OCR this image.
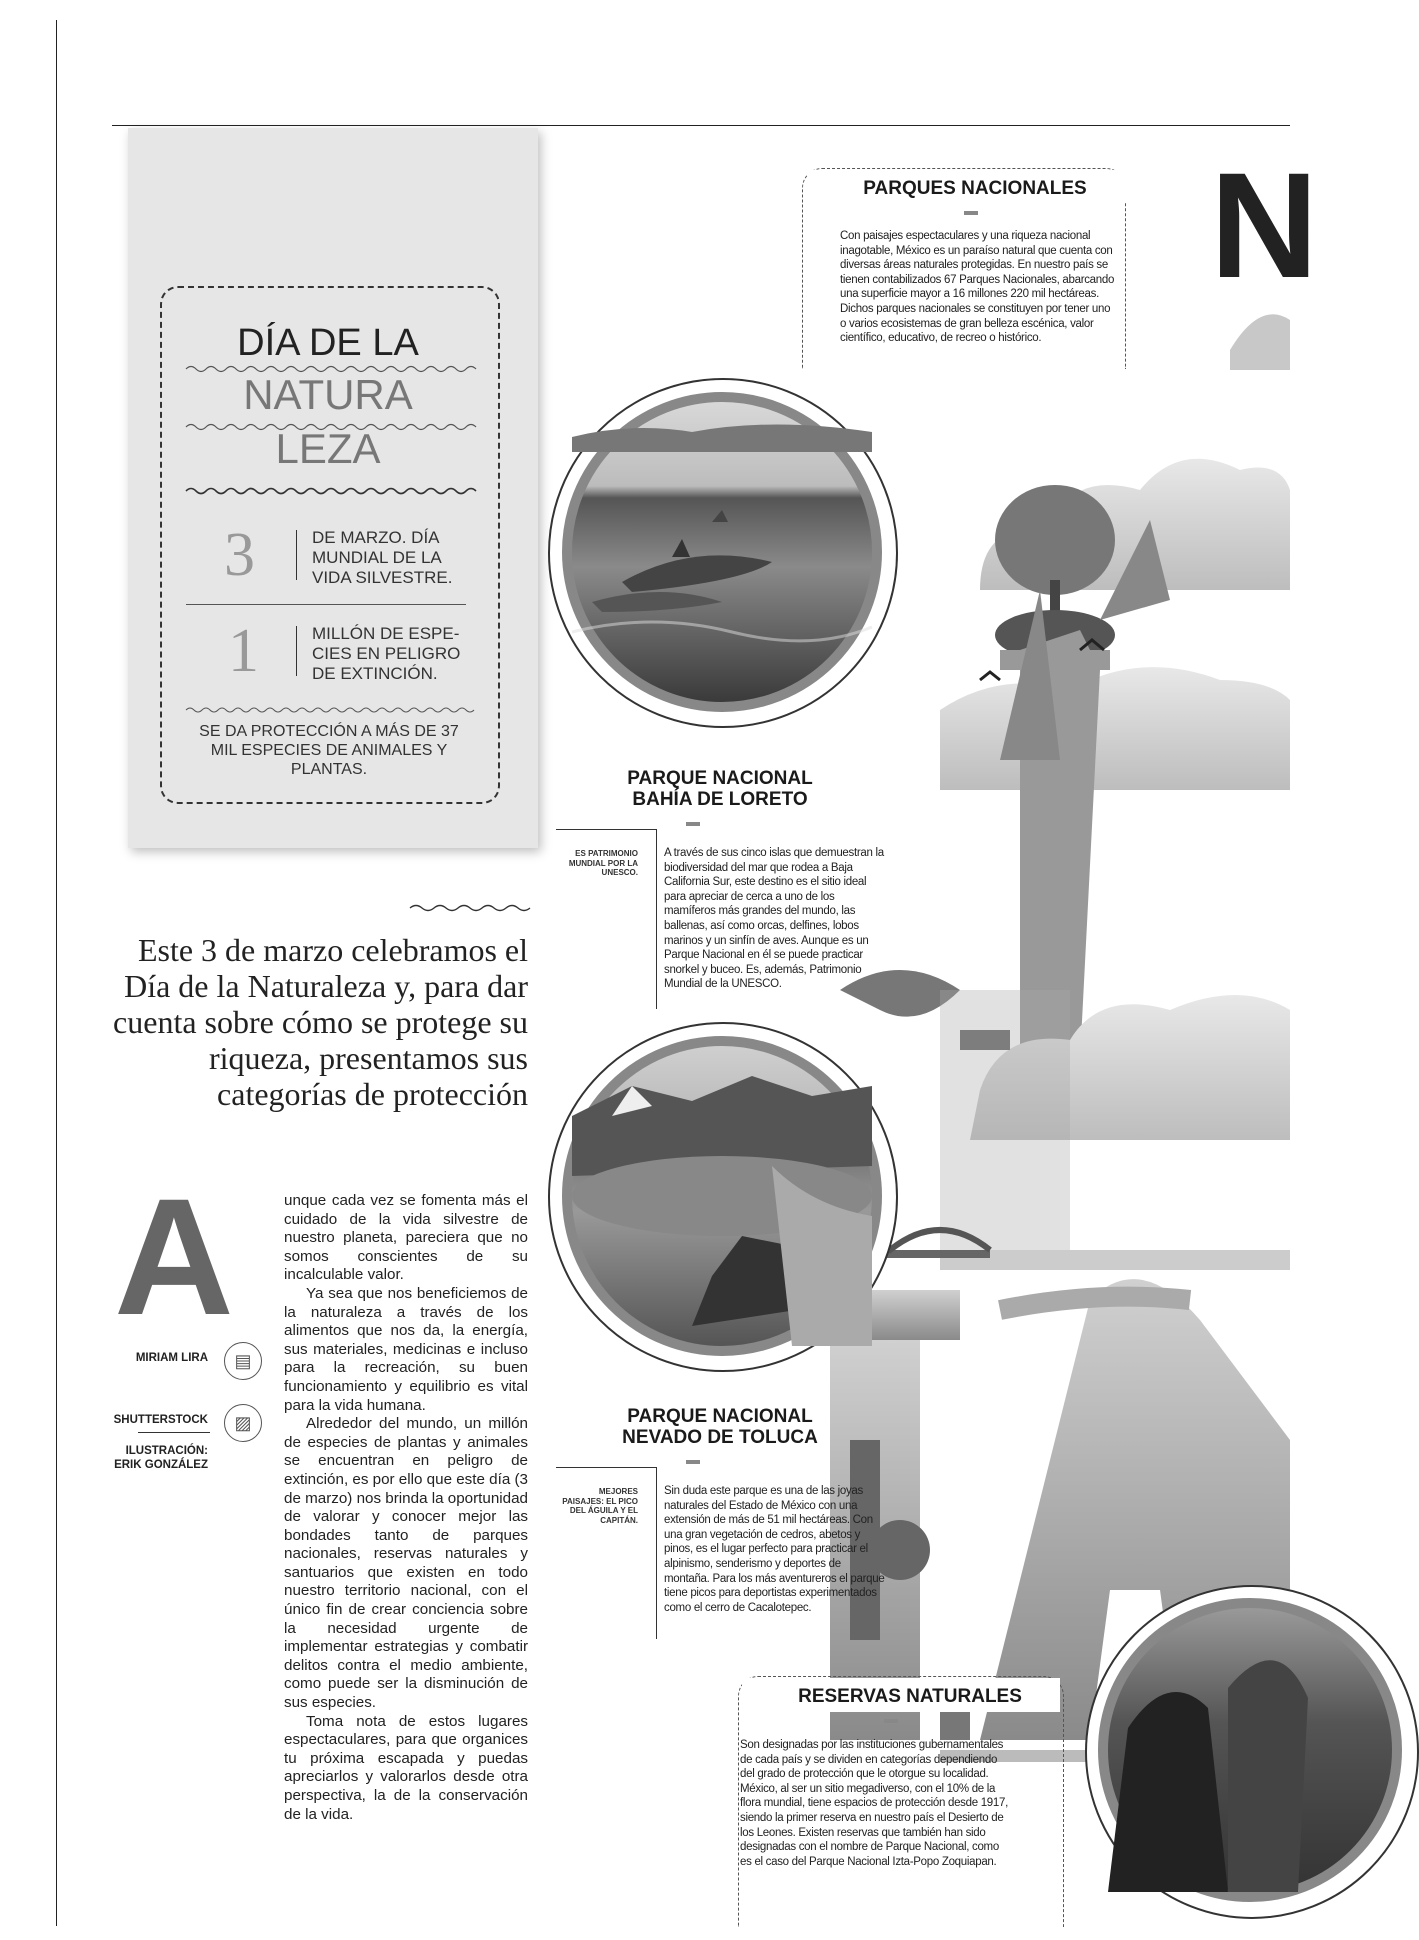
DÍA DE LA
NATURA
LEZA
3	DE MARZO. DÍA MUNDIAL DE LA VIDA SILVESTRE.
1	MILLÓN DE ESPE- CIES EN PELIGRO DE EXTINCIÓN.
SE DA PROTECCIÓN A MÁS DE 37 MIL ESPECIES DE ANIMALES Y PLANTAS.
PARQUES NACIONALES
Con paisajes espectaculares y una riqueza nacional inagotable, México es un paraíso natural que cuenta con diversas áreas naturales protegidas. En nuestro país se tienen contabilizados 67 Parques Nacionales, abarcando una superficie mayor a 16 millones 220 mil hectáreas. Dichos parques nacionales se constituyen por tener uno o varios ecosistemas de gran belleza escénica, valor científico, educativo, de recreo o histórico.
N
PARQUE NACIONAL BAHÍA DE LORETO
ES PATRIMONIO MUNDIAL POR LA UNESCO.
A través de sus cinco islas que demuestran la biodiversidad del mar que rodea a Baja California Sur, este destino es el sitio ideal para apreciar de cerca a uno de los mamíferos más grandes del mundo, las ballenas, así como orcas, delfines, lobos marinos y un sinfín de aves. Aunque es un Parque Nacional en él se puede practicar snorkel y buceo. Es, además, Patrimonio Mundial de la UNESCO.
PARQUE NACIONAL NEVADO DE TOLUCA
MEJORES PAISAJES: EL PICO DEL ÁGUILA Y EL CAPITÁN.
Sin duda este parque es una de las joyas naturales del Estado de México con una extensión de más de 51 mil hectáreas. Con una gran vegetación de cedros, abetos y pinos, es el lugar perfecto para practicar el alpinismo, senderismo y deportes de montaña. Para los más aventureros el parque tiene picos para deportistas experimentados como el cerro de Cacalotepec.
RESERVAS NATURALES
Son designadas por las instituciones gubernamentales de cada país y se dividen en categorías dependiendo del grado de protección que le otorgue su localidad. México, al ser un sitio megadiverso, con el 10% de la flora mundial, tiene espacios de protección desde 1917, siendo la primer reserva en nuestro país el Desierto de los Leones. Existen reservas que también han sido designadas con el nombre de Parque Nacional, como es el caso del Parque Nacional Izta-Popo Zoquiapan.
Este 3 de marzo celebramos el Día de la Naturaleza y, para dar cuenta sobre cómo se protege su riqueza, presentamos sus categorías de protección
A	unque cada vez se fomenta más el cuidado de la vida silvestre de nuestro planeta, pareciera que no somos conscientes de su incalculable valor.

Ya sea que nos beneficiemos de la naturaleza a través de los alimentos que nos da, la energía, sus materiales, medicinas e incluso para la recreación, su buen funcionamiento y equilibrio es vital para la vida humana.

Alrededor del mundo, un millón de especies de plantas y animales se encuentran en peligro de extinción, es por ello que este día (3 de marzo) nos brinda la oportunidad de valorar y conocer mejor las bondades tanto de parques nacionales, reservas naturales y santuarios que existen en todo nuestro territorio nacional, con el único fin de crear conciencia sobre la necesidad urgente de implementar estrategias y combatir delitos contra el medio ambiente, como puede ser la disminución de sus especies.

Toma nota de estos lugares espectaculares, para que organices tu próxima escapada y puedas apreciarlos y valorarlos desde otra perspectiva, la de la conservación de la vida.

MIRIAM LIRA	▤
SHUTTERSTOCK	▨
ILUSTRACIÓN: ERIK GONZÁLEZ
